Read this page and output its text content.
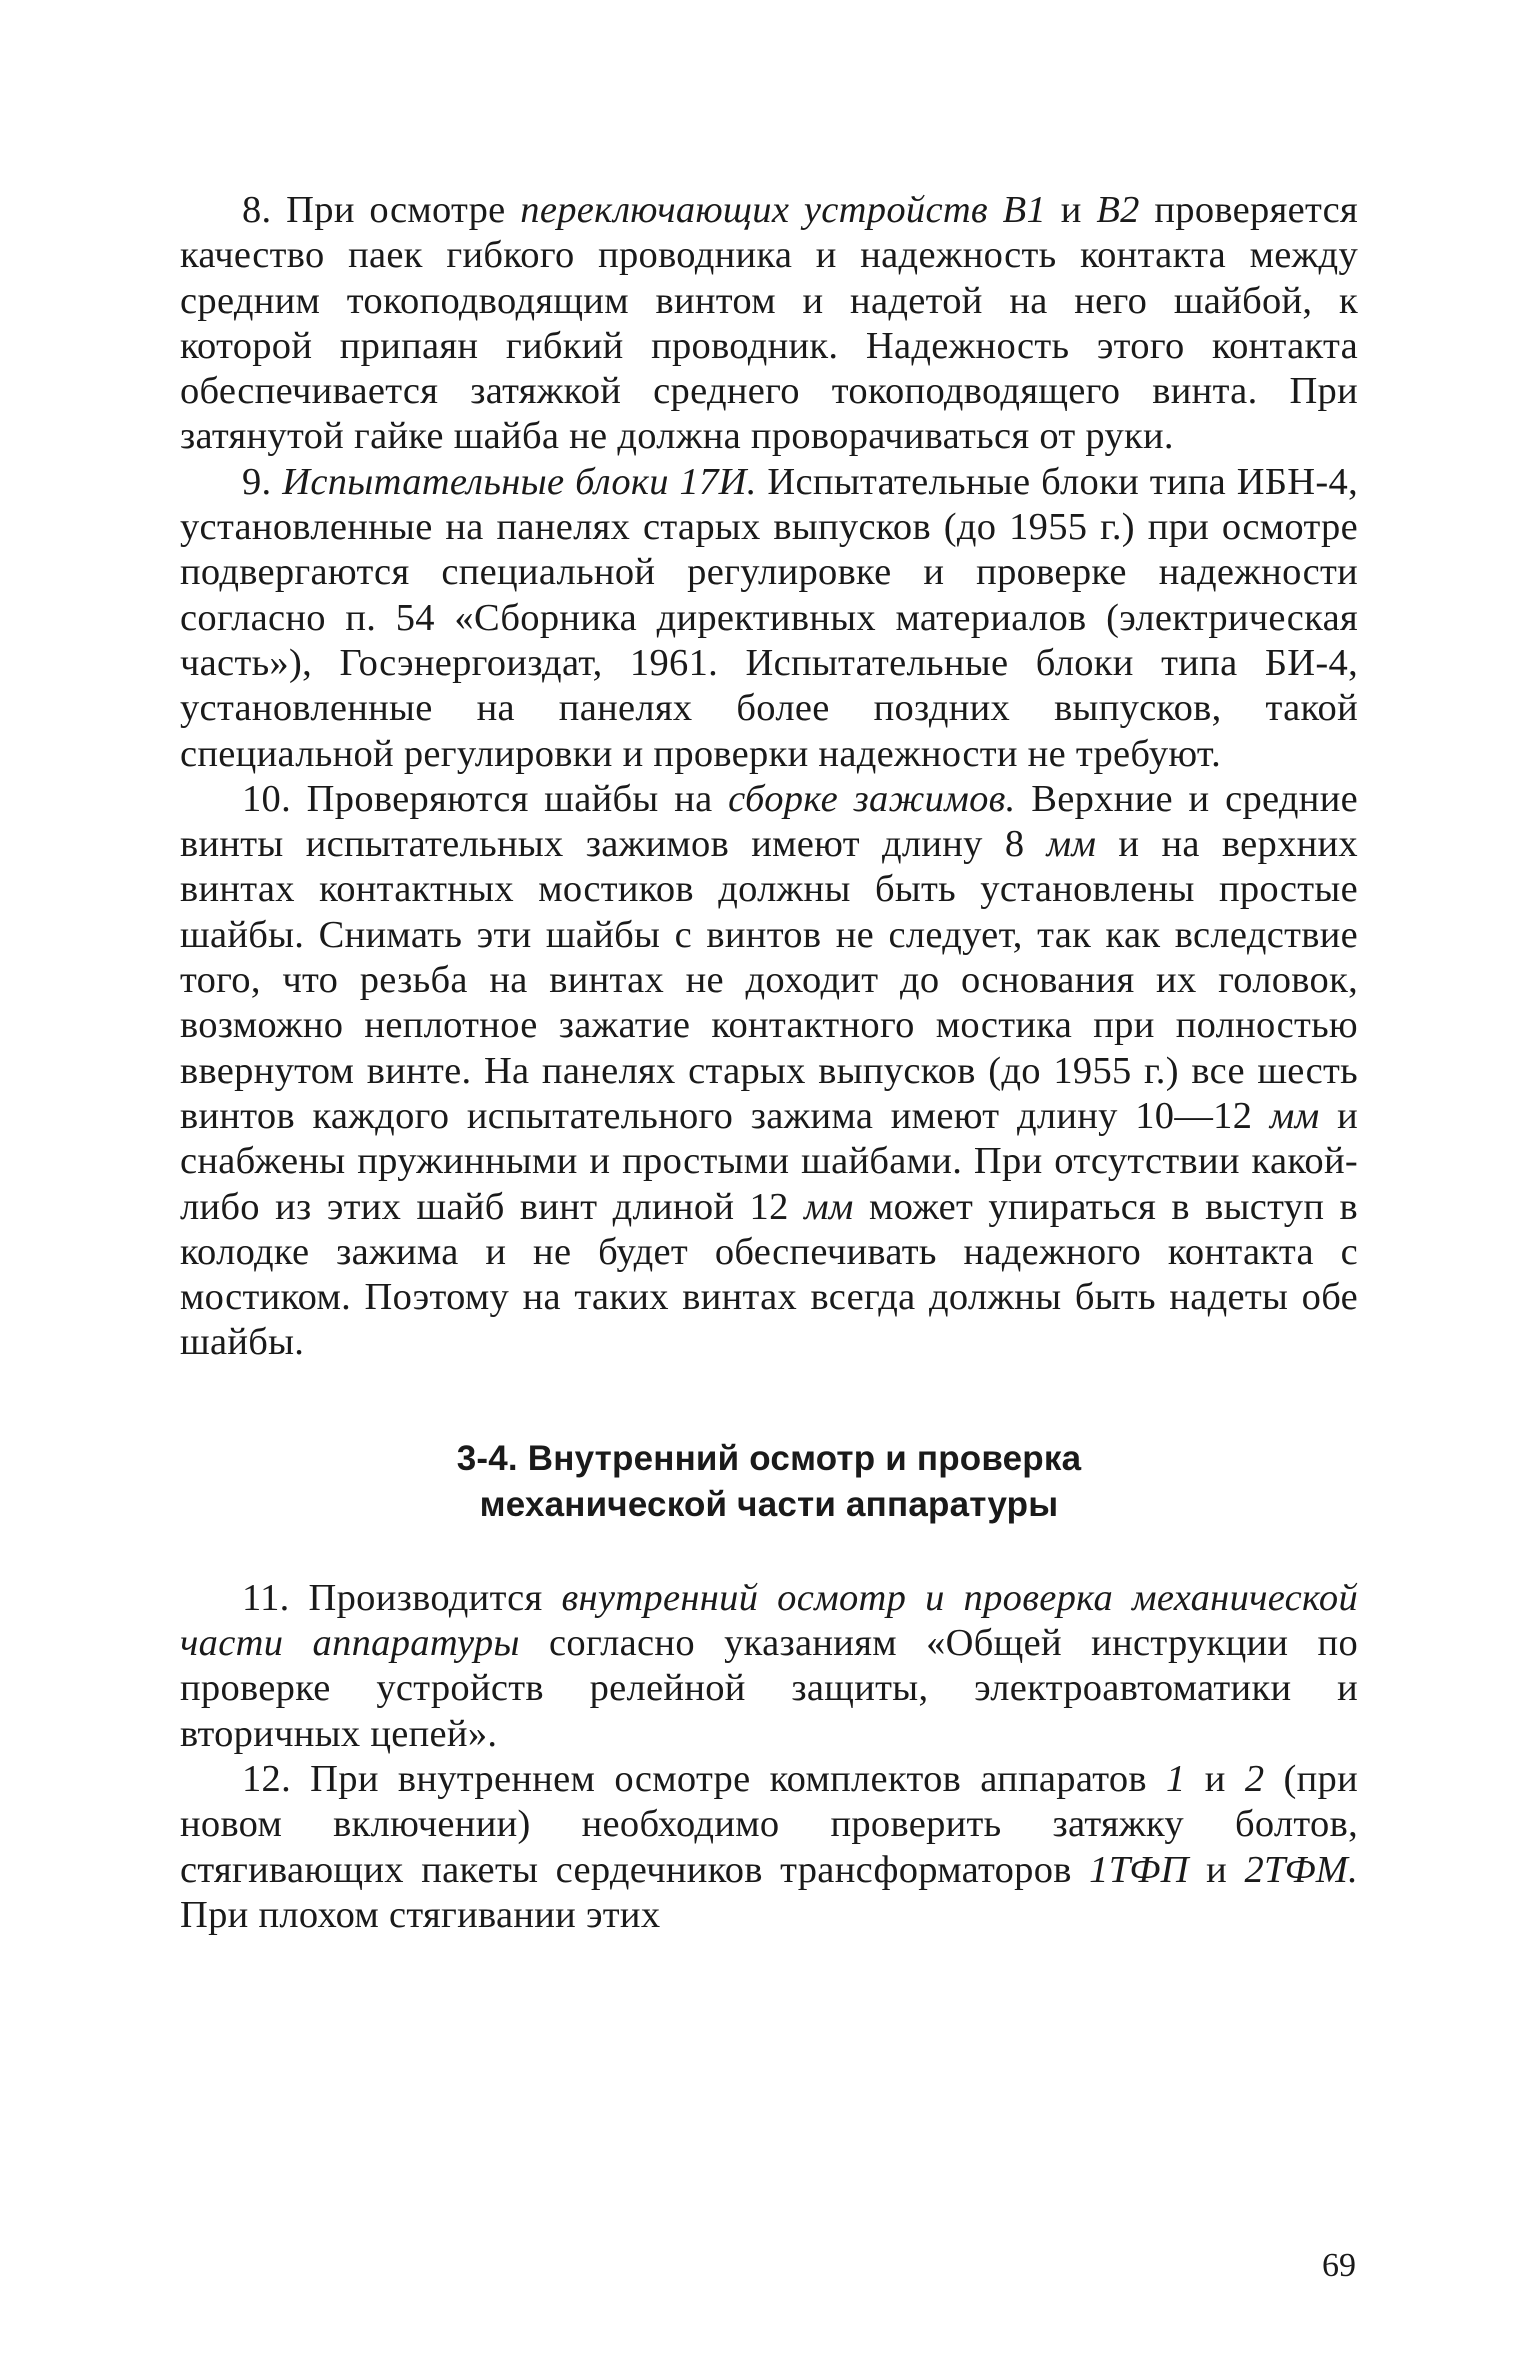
8. При осмотре переключающих устройств В1 и В2 проверяется качество паек гибкого проводника и надежность контакта между средним токоподводящим винтом и надетой на него шайбой, к которой припаян гибкий проводник. Надежность этого контакта обеспечивается затяжкой среднего токоподводящего винта. При затянутой гайке шайба не должна проворачиваться от руки.

9. Испытательные блоки 17И. Испытательные блоки типа ИБН-4, установленные на панелях старых выпусков (до 1955 г.) при осмотре подвергаются специальной регулировке и проверке надежности согласно п. 54 «Сборника директивных материалов (электрическая часть»), Госэнергоиздат, 1961. Испытательные блоки типа БИ-4, установленные на панелях более поздних выпусков, такой специальной регулировки и проверки надежности не требуют.

10. Проверяются шайбы на сборке зажимов. Верхние и средние винты испытательных зажимов имеют длину 8 мм и на верхних винтах контактных мостиков должны быть установлены простые шайбы. Снимать эти шайбы с винтов не следует, так как вследствие того, что резьба на винтах не доходит до основания их головок, возможно неплотное зажатие контактного мостика при полностью ввернутом винте. На панелях старых выпусков (до 1955 г.) все шесть винтов каждого испытательного зажима имеют длину 10—12 мм и снабжены пружинными и простыми шайбами. При отсутствии какой-либо из этих шайб винт длиной 12 мм может упираться в выступ в колодке зажима и не будет обеспечивать надежного контакта с мостиком. Поэтому на таких винтах всегда должны быть надеты обе шайбы.

3-4. Внутренний осмотр и проверка
механической части аппаратуры

11. Производится внутренний осмотр и проверка механической части аппаратуры согласно указаниям «Общей инструкции по проверке устройств релейной защиты, электроавтоматики и вторичных цепей».

12. При внутреннем осмотре комплектов аппаратов 1 и 2 (при новом включении) необходимо проверить затяжку болтов, стягивающих пакеты сердечников трансформаторов 1ТФП и 2ТФМ. При плохом стягивании этих

69
